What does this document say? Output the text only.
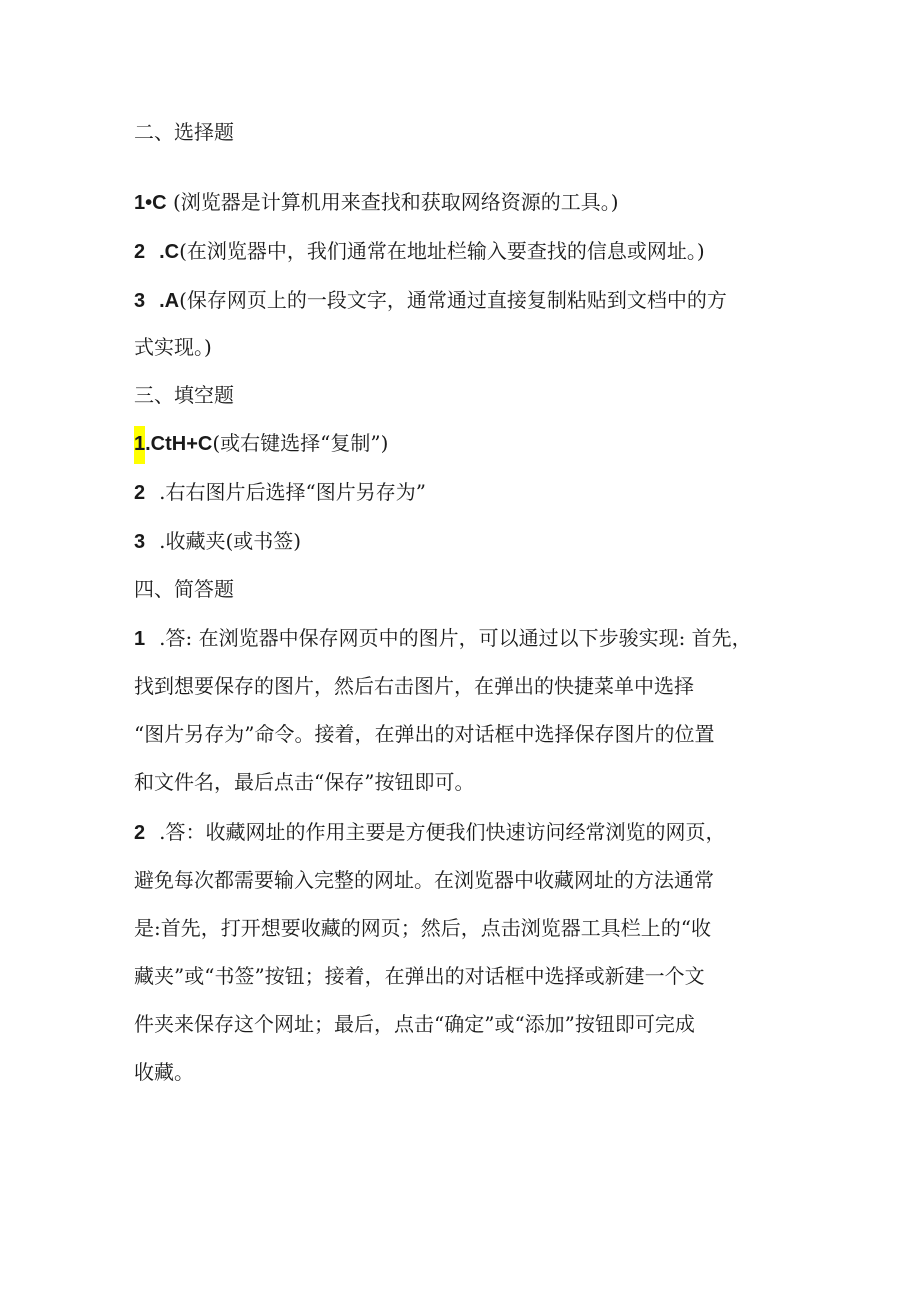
二、选择题
1•C (浏览器是计算机用来查找和获取网络资源的工具。)
2 .C(在浏览器中，我们通常在地址栏输入要查找的信息或网址。)
3 .A(保存网页上的一段文字，通常通过直接复制粘贴到文档中的方
式实现。)
三、填空题
1.CtH+C(或右键选择“复制”)
2 .右右图片后选择“图片另存为”
3 .收藏夹(或书签)
四、简答题
1 .答: 在浏览器中保存网页中的图片，可以通过以下步骏实现: 首先，
找到想要保存的图片，然后右击图片，在弹出的快捷菜单中选择
“图片另存为”命令。接着，在弹出的对话框中选择保存图片的位置
和文件名，最后点击“保存”按钮即可。
2 .答：收藏网址的作用主要是方便我们快速访问经常浏览的网页，
避免每次都需要输入完整的网址。在浏览器中收藏网址的方法通常
是:首先，打开想要收藏的网页；然后，点击浏览器工具栏上的“收
藏夹”或“书签”按钮；接着，在弹出的对话框中选择或新建一个文
件夹来保存这个网址；最后，点击“确定”或“添加”按钮即可完成
收藏。
